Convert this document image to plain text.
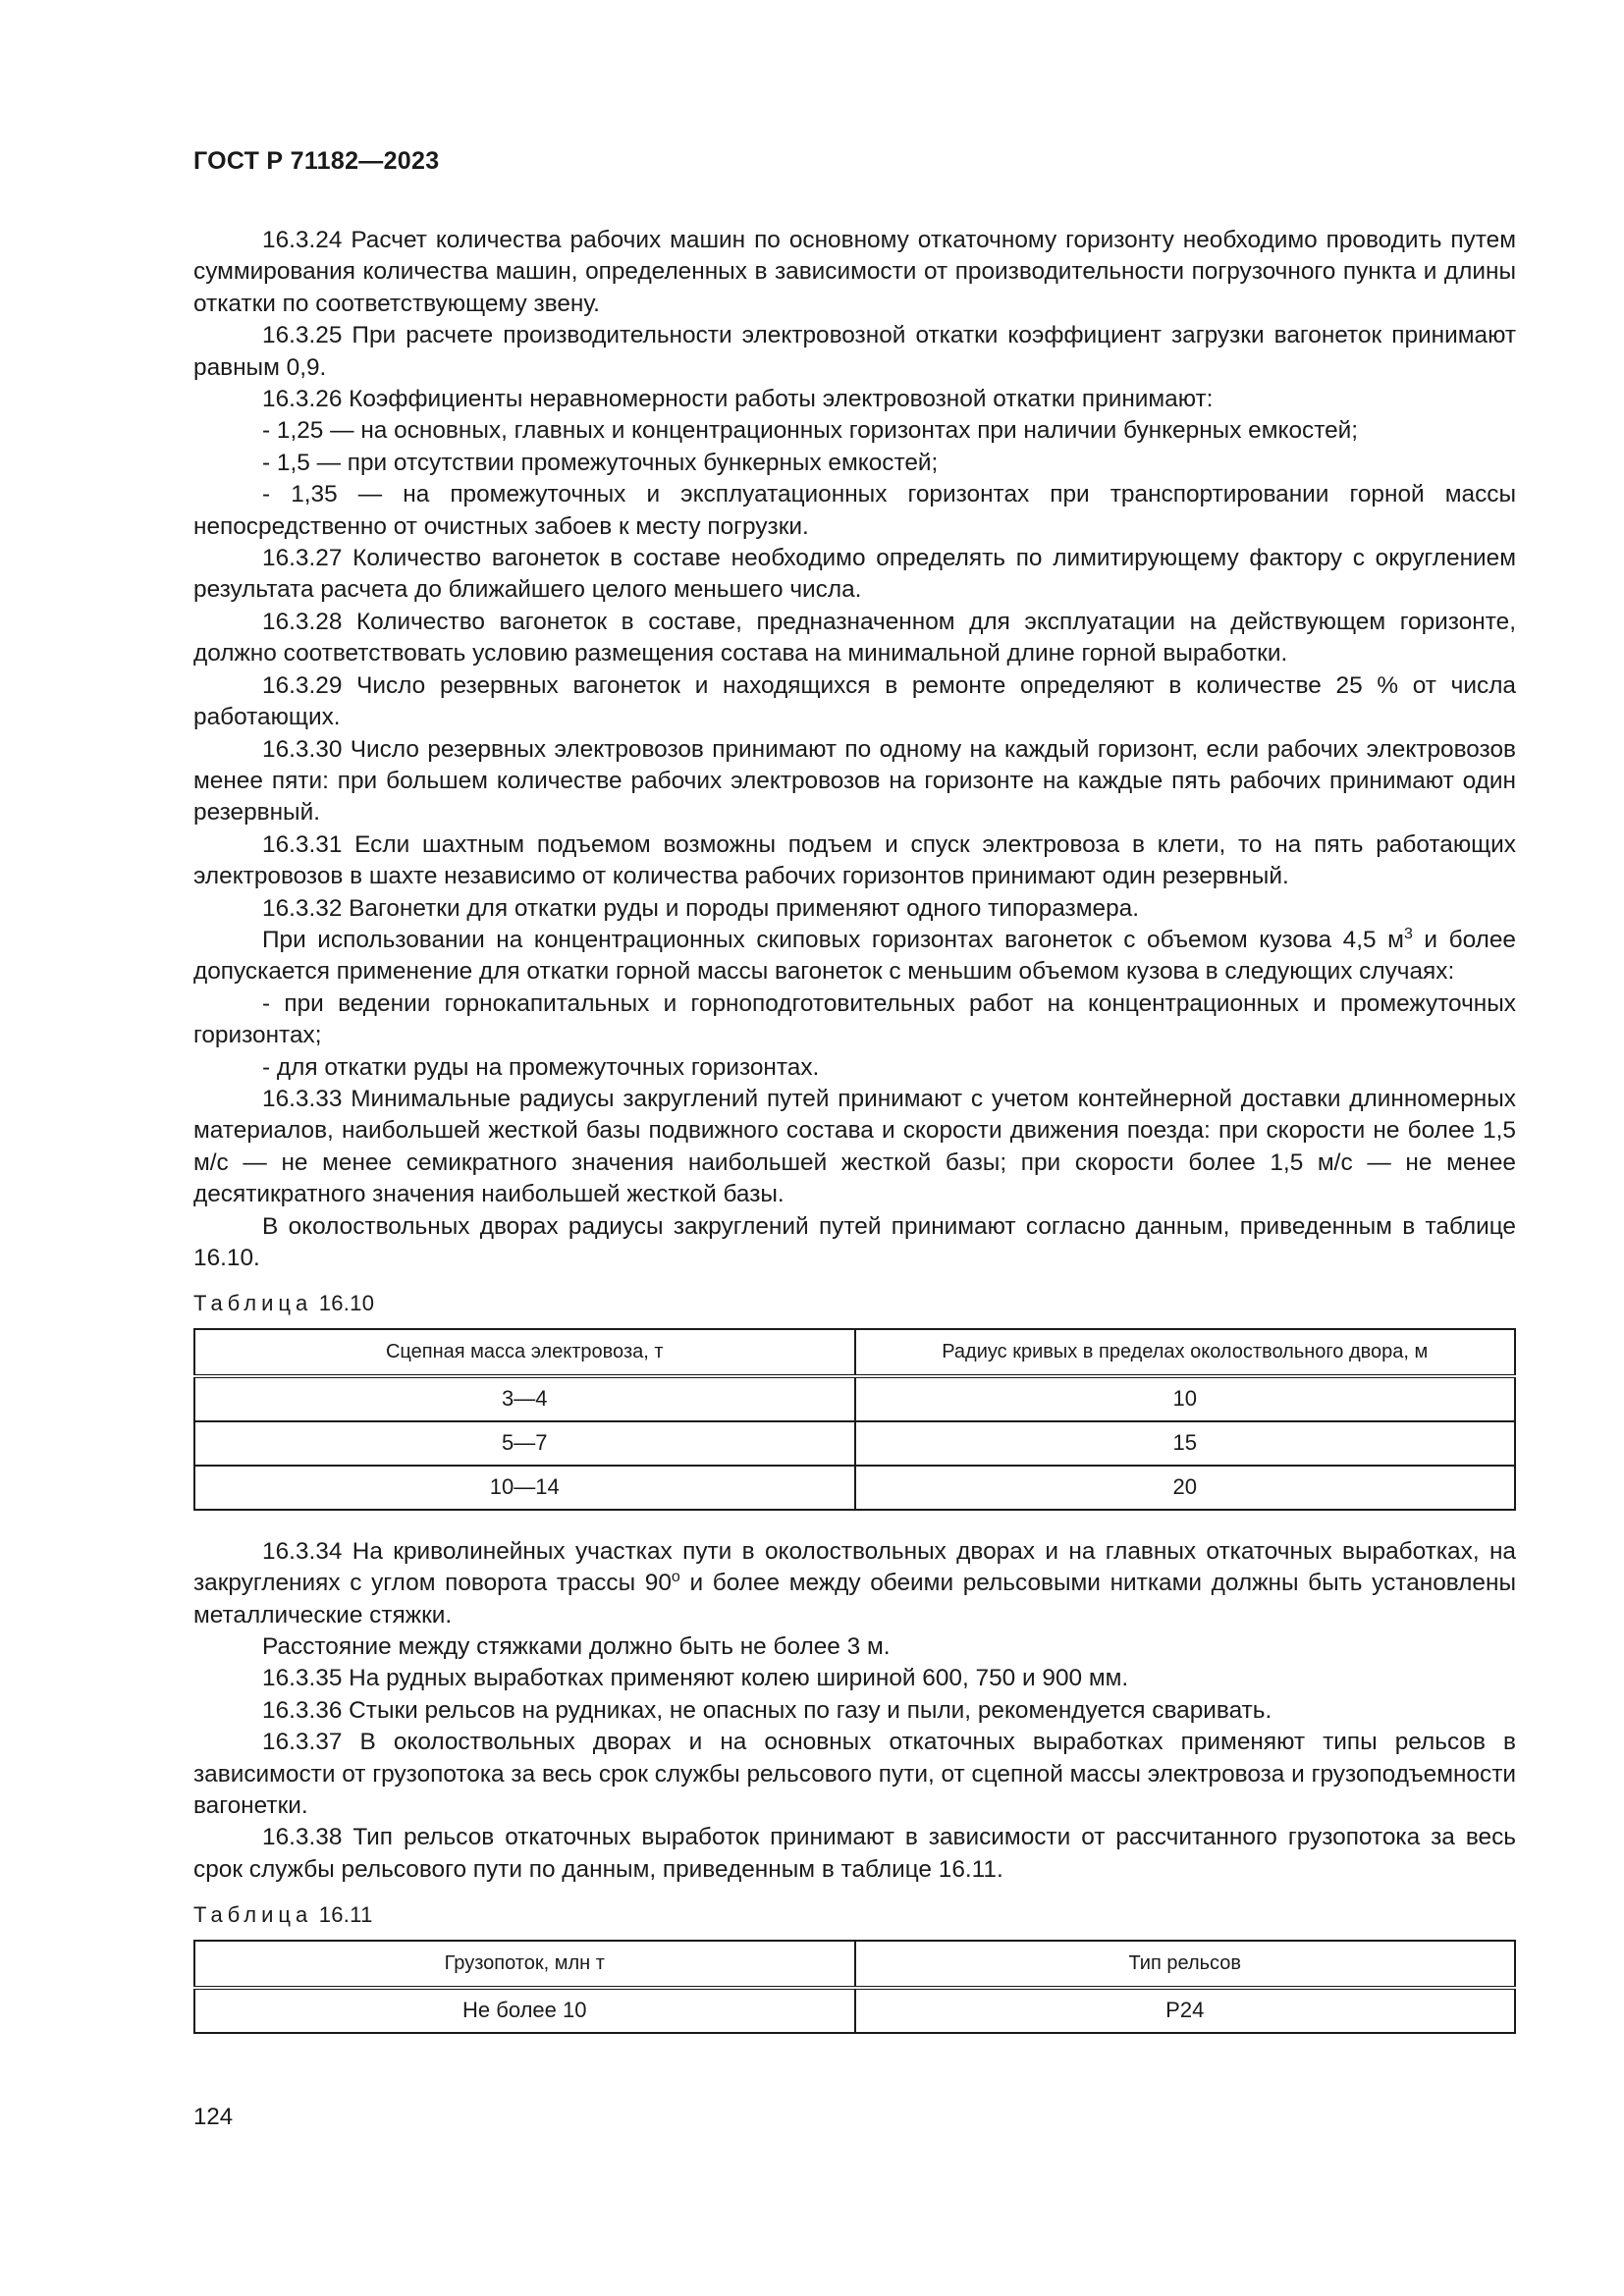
ГОСТ Р 71182—2023

16.3.24 Расчет количества рабочих машин по основному откаточному горизонту необходимо проводить путем суммирования количества машин, определенных в зависимости от производительности погрузочного пункта и длины откатки по соответствующему звену.

16.3.25 При расчете производительности электровозной откатки коэффициент загрузки вагонеток принимают равным 0,9.

16.3.26 Коэффициенты неравномерности работы электровозной откатки принимают:

- 1,25 — на основных, главных и концентрационных горизонтах при наличии бункерных емкостей;

- 1,5 — при отсутствии промежуточных бункерных емкостей;

- 1,35 — на промежуточных и эксплуатационных горизонтах при транспортировании горной массы непосредственно от очистных забоев к месту погрузки.

16.3.27 Количество вагонеток в составе необходимо определять по лимитирующему фактору с округлением результата расчета до ближайшего целого меньшего числа.

16.3.28 Количество вагонеток в составе, предназначенном для эксплуатации на действующем горизонте, должно соответствовать условию размещения состава на минимальной длине горной выработки.

16.3.29 Число резервных вагонеток и находящихся в ремонте определяют в количестве 25 % от числа работающих.

16.3.30 Число резервных электровозов принимают по одному на каждый горизонт, если рабочих электровозов менее пяти: при большем количестве рабочих электровозов на горизонте на каждые пять рабочих принимают один резервный.

16.3.31 Если шахтным подъемом возможны подъем и спуск электровоза в клети, то на пять работающих электровозов в шахте независимо от количества рабочих горизонтов принимают один резервный.

16.3.32 Вагонетки для откатки руды и породы применяют одного типоразмера.

При использовании на концентрационных скиповых горизонтах вагонеток с объемом кузова 4,5 $м^3$ и более допускается применение для откатки горной массы вагонеток с меньшим объемом кузова в следующих случаях:

- при ведении горнокапитальных и горноподготовительных работ на концентрационных и промежуточных горизонтах;

- для откатки руды на промежуточных горизонтах.

16.3.33 Минимальные радиусы закруглений путей принимают с учетом контейнерной доставки длинномерных материалов, наибольшей жесткой базы подвижного состава и скорости движения поезда: при скорости не более 1,5 м/с — не менее семикратного значения наибольшей жесткой базы; при скорости более 1,5 м/с — не менее десятикратного значения наибольшей жесткой базы.

В околоствольных дворах радиусы закруглений путей принимают согласно данным, приведенным в таблице 16.10.

Таблица 16.10
Сцепная масса электровоза, т	Радиус кривых в пределах околоствольного двора, м
3—4	10
5—7	15
10—14	20

16.3.34 На криволинейных участках пути в околоствольных дворах и на главных откаточных выработках, на закруглениях с углом поворота трассы $90^о$ и более между обеими рельсовыми нитками должны быть установлены металлические стяжки.

Расстояние между стяжками должно быть не более 3 м.

16.3.35 На рудных выработках применяют колею шириной 600, 750 и 900 мм.

16.3.36 Стыки рельсов на рудниках, не опасных по газу и пыли, рекомендуется сваривать.

16.3.37 В околоствольных дворах и на основных откаточных выработках применяют типы рельсов в зависимости от грузопотока за весь срок службы рельсового пути, от сцепной массы электровоза и грузоподъемности вагонетки.

16.3.38 Тип рельсов откаточных выработок принимают в зависимости от рассчитанного грузопотока за весь срок службы рельсового пути по данным, приведенным в таблице 16.11.

Таблица 16.11
Грузопоток, млн т	Тип рельсов
Не более 10	Р24
124
